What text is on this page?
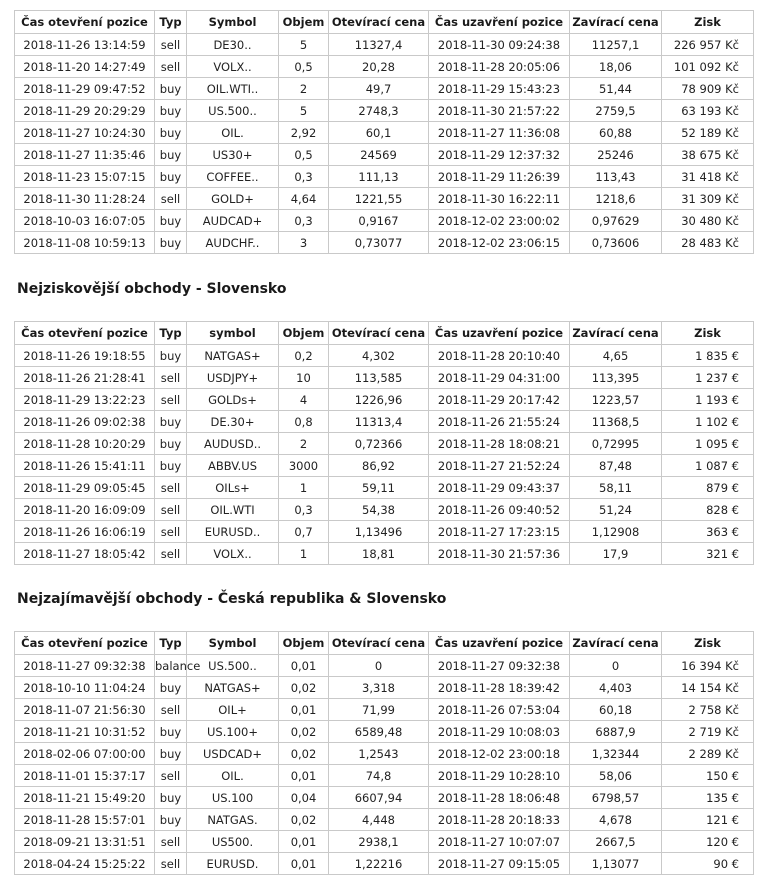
Čas otevření pozice	Typ	Symbol	Objem	Otevírací cena	Čas uzavření pozice	Zavírací cena	Zisk
2018-11-26 13:14:59	sell	DE30..	5	11327,4	2018-11-30 09:24:38	11257,1	226 957 Kč
2018-11-20 14:27:49	sell	VOLX..	0,5	20,28	2018-11-28 20:05:06	18,06	101 092 Kč
2018-11-29 09:47:52	buy	OIL.WTI..	2	49,7	2018-11-29 15:43:23	51,44	78 909 Kč
2018-11-29 20:29:29	buy	US.500..	5	2748,3	2018-11-30 21:57:22	2759,5	63 193 Kč
2018-11-27 10:24:30	buy	OIL.	2,92	60,1	2018-11-27 11:36:08	60,88	52 189 Kč
2018-11-27 11:35:46	buy	US30+	0,5	24569	2018-11-29 12:37:32	25246	38 675 Kč
2018-11-23 15:07:15	buy	COFFEE..	0,3	111,13	2018-11-29 11:26:39	113,43	31 418 Kč
2018-11-30 11:28:24	sell	GOLD+	4,64	1221,55	2018-11-30 16:22:11	1218,6	31 309 Kč
2018-10-03 16:07:05	buy	AUDCAD+	0,3	0,9167	2018-12-02 23:00:02	0,97629	30 480 Kč
2018-11-08 10:59:13	buy	AUDCHF..	3	0,73077	2018-12-02 23:06:15	0,73606	28 483 Kč
Nejziskovější obchody - Slovensko
Čas otevření pozice	Typ	symbol	Objem	Otevírací cena	Čas uzavření pozice	Zavírací cena	Zisk
2018-11-26 19:18:55	buy	NATGAS+	0,2	4,302	2018-11-28 20:10:40	4,65	1 835 €
2018-11-26 21:28:41	sell	USDJPY+	10	113,585	2018-11-29 04:31:00	113,395	1 237 €
2018-11-29 13:22:23	sell	GOLDs+	4	1226,96	2018-11-29 20:17:42	1223,57	1 193 €
2018-11-26 09:02:38	buy	DE.30+	0,8	11313,4	2018-11-26 21:55:24	11368,5	1 102 €
2018-11-28 10:20:29	buy	AUDUSD..	2	0,72366	2018-11-28 18:08:21	0,72995	1 095 €
2018-11-26 15:41:11	buy	ABBV.US	3000	86,92	2018-11-27 21:52:24	87,48	1 087 €
2018-11-29 09:05:45	sell	OILs+	1	59,11	2018-11-29 09:43:37	58,11	879 €
2018-11-20 16:09:09	sell	OIL.WTI	0,3	54,38	2018-11-26 09:40:52	51,24	828 €
2018-11-26 16:06:19	sell	EURUSD..	0,7	1,13496	2018-11-27 17:23:15	1,12908	363 €
2018-11-27 18:05:42	sell	VOLX..	1	18,81	2018-11-30 21:57:36	17,9	321 €
Nejzajímavější obchody - Česká republika & Slovensko
Čas otevření pozice	Typ	Symbol	Objem	Otevírací cena	Čas uzavření pozice	Zavírací cena	Zisk
2018-11-27 09:32:38	balance	US.500..	0,01	0	2018-11-27 09:32:38	0	16 394 Kč
2018-10-10 11:04:24	buy	NATGAS+	0,02	3,318	2018-11-28 18:39:42	4,403	14 154 Kč
2018-11-07 21:56:30	sell	OIL+	0,01	71,99	2018-11-26 07:53:04	60,18	2 758 Kč
2018-11-21 10:31:52	buy	US.100+	0,02	6589,48	2018-11-29 10:08:03	6887,9	2 719 Kč
2018-02-06 07:00:00	buy	USDCAD+	0,02	1,2543	2018-12-02 23:00:18	1,32344	2 289 Kč
2018-11-01 15:37:17	sell	OIL.	0,01	74,8	2018-11-29 10:28:10	58,06	150 €
2018-11-21 15:49:20	buy	US.100	0,04	6607,94	2018-11-28 18:06:48	6798,57	135 €
2018-11-28 15:57:01	buy	NATGAS.	0,02	4,448	2018-11-28 20:18:33	4,678	121 €
2018-09-21 13:31:51	sell	US500.	0,01	2938,1	2018-11-27 10:07:07	2667,5	120 €
2018-04-24 15:25:22	sell	EURUSD.	0,01	1,22216	2018-11-27 09:15:05	1,13077	90 €
